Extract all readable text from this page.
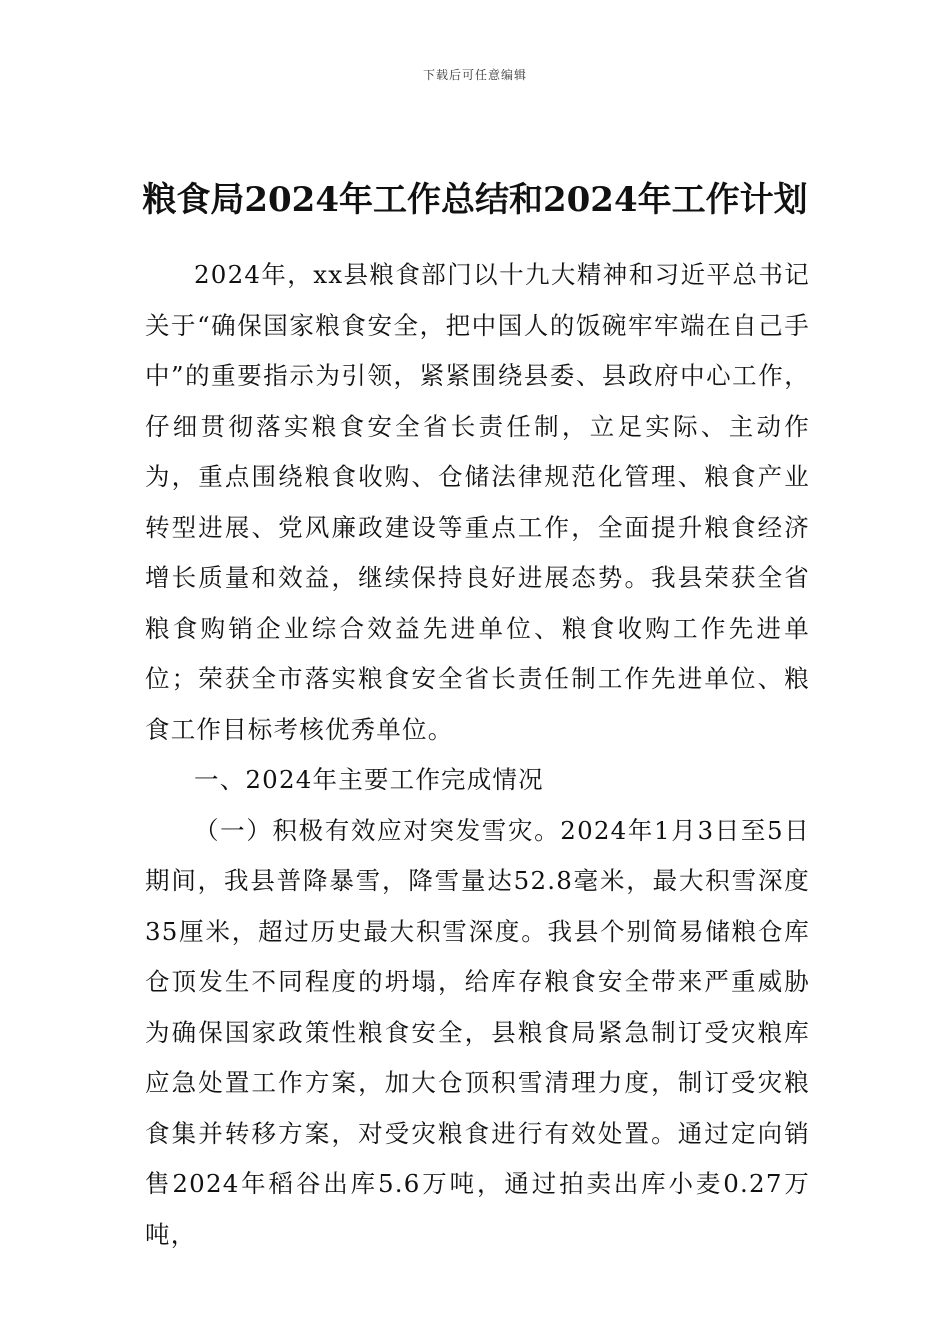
下载后可任意编辑
粮食局2024年工作总结和2024年工作计划

2024年，xx县粮食部门以十九大精神和习近平总书记关于“确保国家粮食安全，把中国人的饭碗牢牢端在自己手中”的重要指示为引领，紧紧围绕县委、县政府中心工作，仔细贯彻落实粮食安全省长责任制，立足实际、主动作为，重点围绕粮食收购、仓储法律规范化管理、粮食产业转型进展、党风廉政建设等重点工作，全面提升粮食经济增长质量和效益，继续保持良好进展态势。我县荣获全省粮食购销企业综合效益先进单位、粮食收购工作先进单位；荣获全市落实粮食安全省长责任制工作先进单位、粮食工作目标考核优秀单位。

一、2024年主要工作完成情况

（一）积极有效应对突发雪灾。2024年1月3日至5日期间，我县普降暴雪，降雪量达52.8毫米，最大积雪深度35厘米，超过历史最大积雪深度。我县个别简易储粮仓库仓顶发生不同程度的坍塌，给库存粮食安全带来严重威胁为确保国家政策性粮食安全，县粮食局紧急制订受灾粮库应急处置工作方案，加大仓顶积雪清理力度，制订受灾粮食集并转移方案，对受灾粮食进行有效处置。通过定向销售2024年稻谷出库5.6万吨，通过拍卖出库小麦0.27万吨，
